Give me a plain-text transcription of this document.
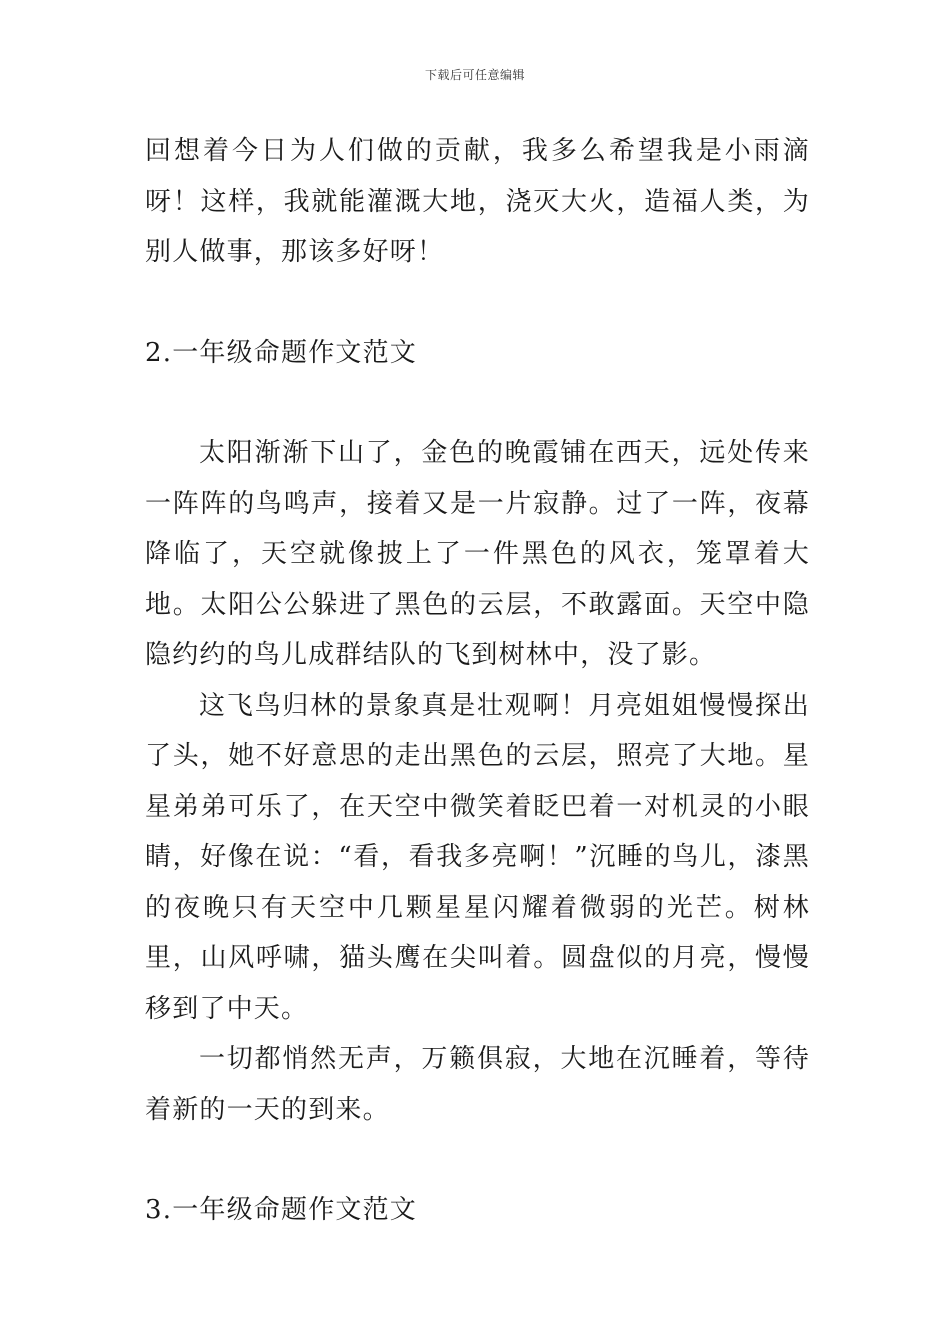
下载后可任意编辑

回想着今日为人们做的贡献，我多么希望我是小雨滴呀！这样，我就能灌溉大地，浇灭大火，造福人类，为别人做事，那该多好呀！

2.一年级命题作文范文

太阳渐渐下山了，金色的晚霞铺在西天，远处传来一阵阵的鸟鸣声，接着又是一片寂静。过了一阵，夜幕降临了，天空就像披上了一件黑色的风衣，笼罩着大地。太阳公公躲进了黑色的云层，不敢露面。天空中隐隐约约的鸟儿成群结队的飞到树林中，没了影。

这飞鸟归林的景象真是壮观啊！月亮姐姐慢慢探出了头，她不好意思的走出黑色的云层，照亮了大地。星星弟弟可乐了，在天空中微笑着眨巴着一对机灵的小眼睛，好像在说：“看，看我多亮啊！”沉睡的鸟儿，漆黑的夜晚只有天空中几颗星星闪耀着微弱的光芒。树林里，山风呼啸，猫头鹰在尖叫着。圆盘似的月亮，慢慢移到了中天。

一切都悄然无声，万籁俱寂，大地在沉睡着，等待着新的一天的到来。

3.一年级命题作文范文
